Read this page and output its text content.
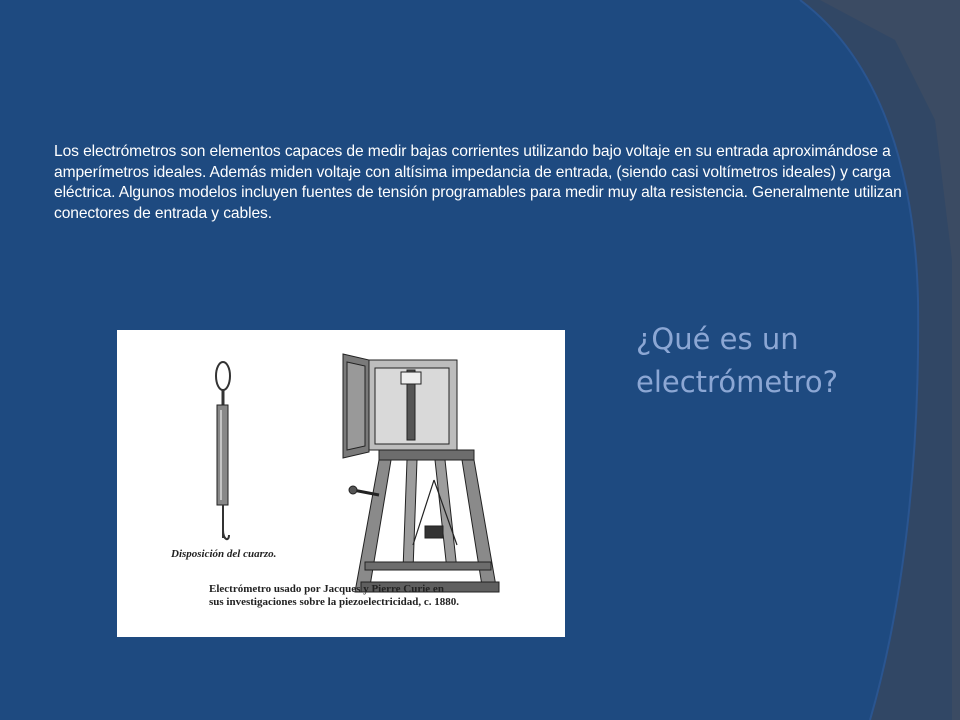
Los electrómetros son elementos capaces de medir bajas corrientes utilizando bajo voltaje en su entrada aproximándose a amperímetros ideales. Además miden voltaje con altísima impedancia de entrada, (siendo casi voltímetros ideales) y carga eléctrica. Algunos modelos incluyen fuentes de tensión programables para medir muy alta resistencia. Generalmente utilizan conectores de entrada y cables.
¿Qué es un electrómetro?
Disposición del cuarzo.
Electrómetro usado por Jacques y Pierre Curie en
sus investigaciones sobre la piezoelectricidad, c. 1880.
